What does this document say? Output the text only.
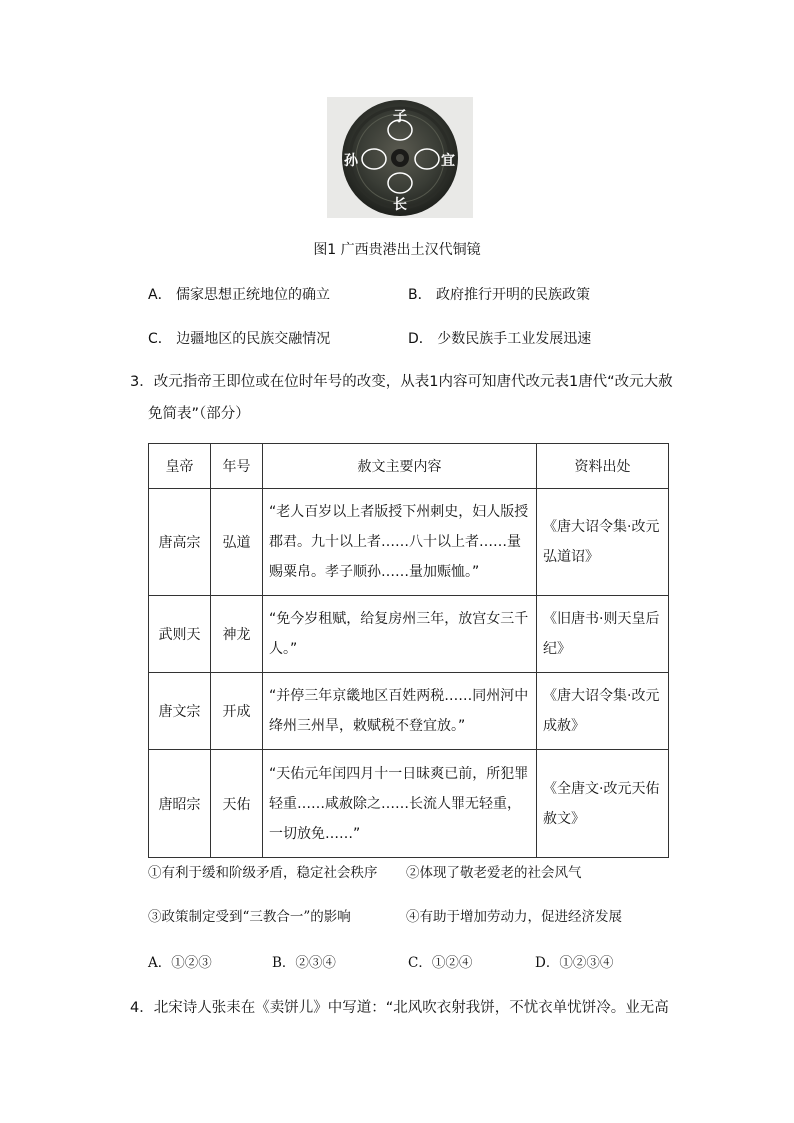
子
孙	宜
长
图1 广西贵港出土汉代铜镜
A． 儒家思想正统地位的确立	B． 政府推行开明的民族政策
C． 边疆地区的民族交融情况	D． 少数民族手工业发展迅速
3．改元指帝王即位或在位时年号的改变，从表1内容可知唐代改元表1唐代“改元大赦
免简表”（部分）
皇帝	年号	赦文主要内容	资料出处
唐高宗	弘道	“老人百岁以上者版授下州刺史，妇人版授郡君。九十以上者……八十以上者……量赐粟帛。孝子顺孙……量加赈恤。”	《唐大诏令集·改元弘道诏》
武则天	神龙	“免今岁租赋，给复房州三年，放宫女三千人。”	《旧唐书·则天皇后纪》
唐文宗	开成	“并停三年京畿地区百姓两税……同州河中绛州三州旱，敕赋税不登宜放。”	《唐大诏令集·改元成赦》
唐昭宗	天佑	“天佑元年闰四月十一日昧爽已前，所犯罪轻重……咸赦除之……长流人罪无轻重，一切放免……”	《全唐文·改元天佑赦文》
①有利于缓和阶级矛盾，稳定社会秩序 ②体现了敬老爱老的社会风气
③政策制定受到“三教合一”的影响	④有助于增加劳动力，促进经济发展
A．①②③	B．②③④	C．①②④	D．①②③④
4．北宋诗人张耒在《卖饼儿》中写道：“北风吹衣射我饼，不忧衣单忧饼冷。业无高
